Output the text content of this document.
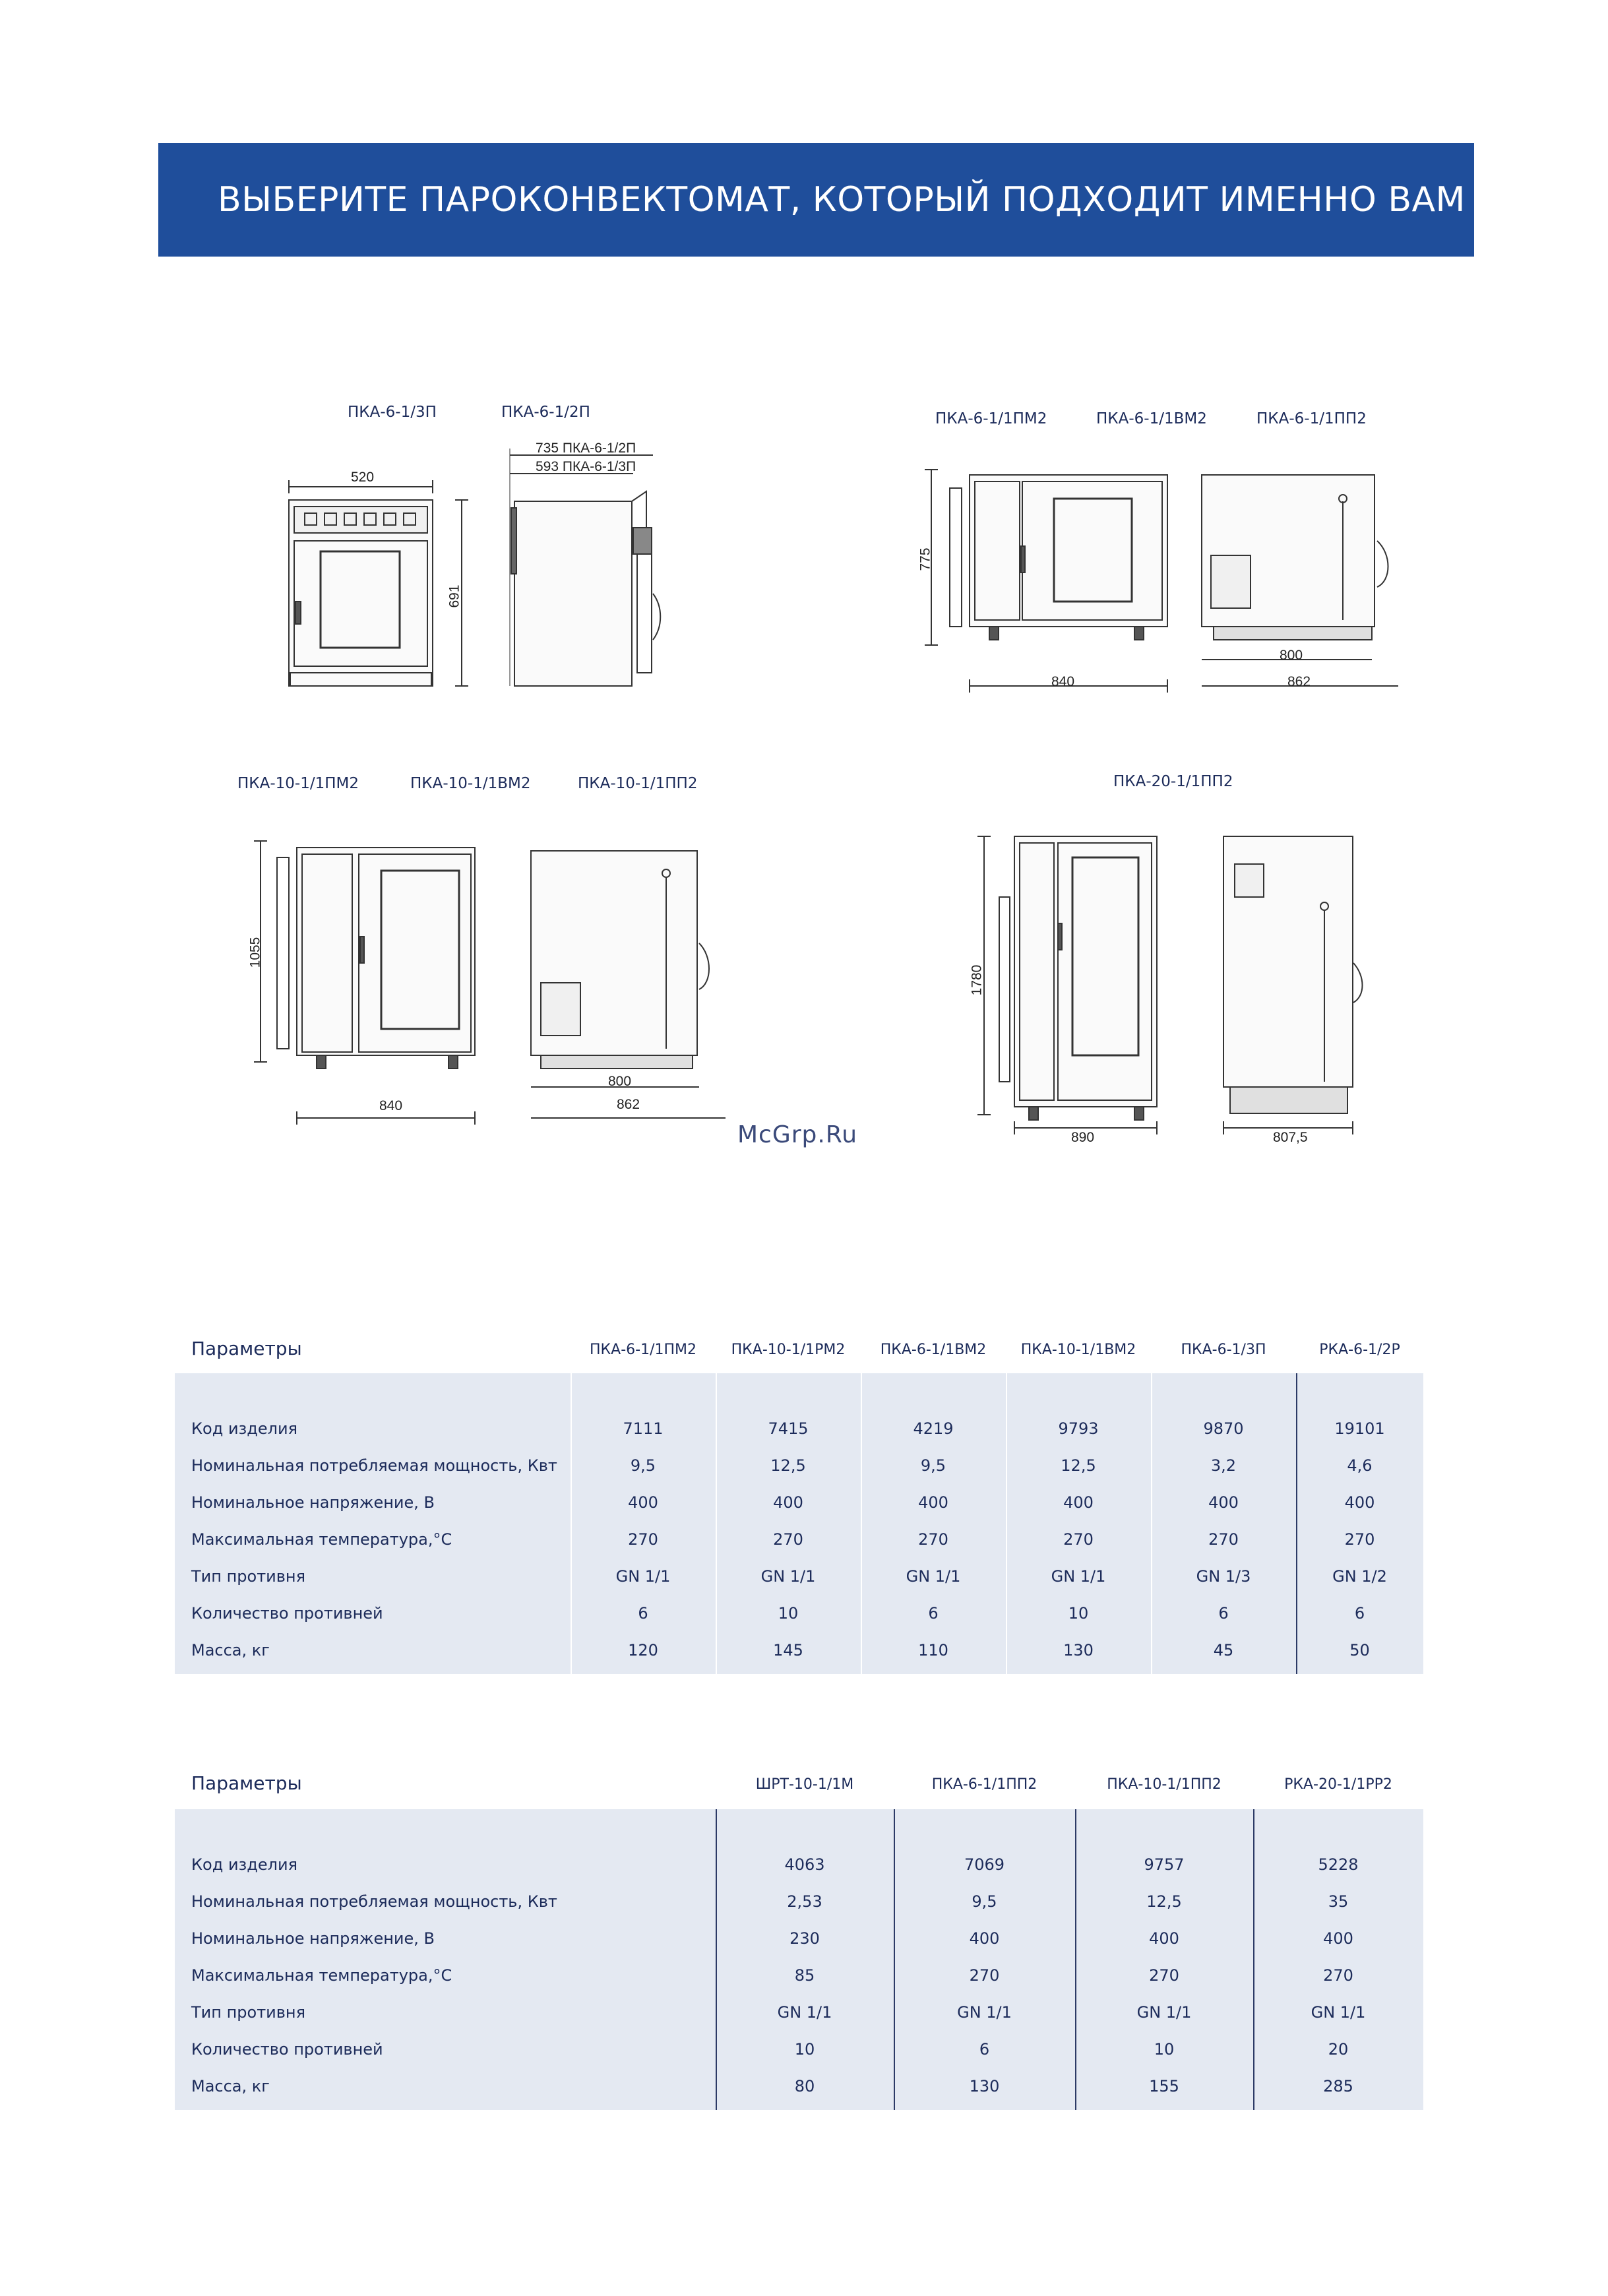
ВЫБЕРИТЕ ПАРОКОНВЕКТОМАТ, КОТОРЫЙ ПОДХОДИТ ИМЕННО ВАМ
ПКА-6-1/3П	ПКА-6-1/2П
520
691
735 ПКА-6-1/2П
593 ПКА-6-1/3П
ПКА-6-1/1ПМ2	ПКА-6-1/1ВМ2	ПКА-6-1/1ПП2
775
840
800
862
ПКА-10-1/1ПМ2	ПКА-10-1/1ВМ2	ПКА-10-1/1ПП2
1055
840
800
862
ПКА-20-1/1ПП2
1780
890	807,5
McGrp.Ru
Параметры	ПКА-6-1/1ПМ2	ПКА-10-1/1РМ2	ПКА-6-1/1ВМ2	ПКА-10-1/1ВМ2	ПКА-6-1/3П	РКА-6-1/2Р
Код изделия	7111	7415	4219	9793	9870	19101
Номинальная потребляемая мощность, Квт	9,5	12,5	9,5	12,5	3,2	4,6
Номинальное напряжение, В	400	400	400	400	400	400
Максимальная температура,°С	270	270	270	270	270	270
Тип противня	GN 1/1	GN 1/1	GN 1/1	GN 1/1	GN 1/3	GN 1/2
Количество противней	6	10	6	10	6	6
Масса, кг	120	145	110	130	45	50
Параметры	ШРТ-10-1/1М	ПКА-6-1/1ПП2	ПКА-10-1/1ПП2	РКА-20-1/1РР2
Код изделия	4063	7069	9757	5228
Номинальная потребляемая мощность, Квт	2,53	9,5	12,5	35
Номинальное напряжение, В	230	400	400	400
Максимальная температура,°С	85	270	270	270
Тип противня	GN 1/1	GN 1/1	GN 1/1	GN 1/1
Количество противней	10	6	10	20
Масса, кг	80	130	155	285
